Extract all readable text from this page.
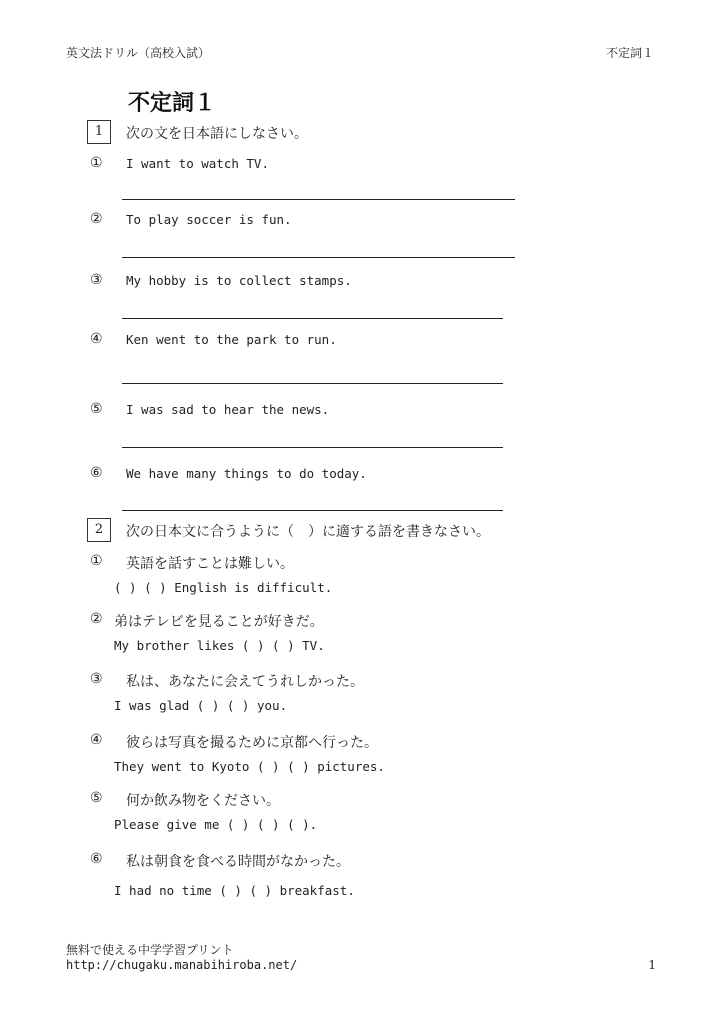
英文法ドリル（高校入試）	不定詞１
不定詞１
1	次の文を日本語にしなさい。
① I want to watch TV.
② To play soccer is fun.
③ My hobby is to collect stamps.
④ Ken went to the park to run.
⑤ I was sad to hear the news.
⑥ We have many things to do today.
2	次の日本文に合うように（　）に適する語を書きなさい。
① 英語を話すことは難しい。
( ) ( ) English is difficult.
② 弟はテレビを見ることが好きだ。
My brother likes ( ) ( ) TV.
③ 私は、あなたに会えてうれしかった。
I was glad ( ) ( ) you.
④ 彼らは写真を撮るために京都へ行った。
They went to Kyoto ( ) ( ) pictures.
⑤ 何か飲み物をください。
Please give me ( ) ( ) ( ).
⑥ 私は朝食を食べる時間がなかった。
I had no time ( ) ( ) breakfast.
無料で使える中学学習プリント
http://chugaku.manabihiroba.net/	1
